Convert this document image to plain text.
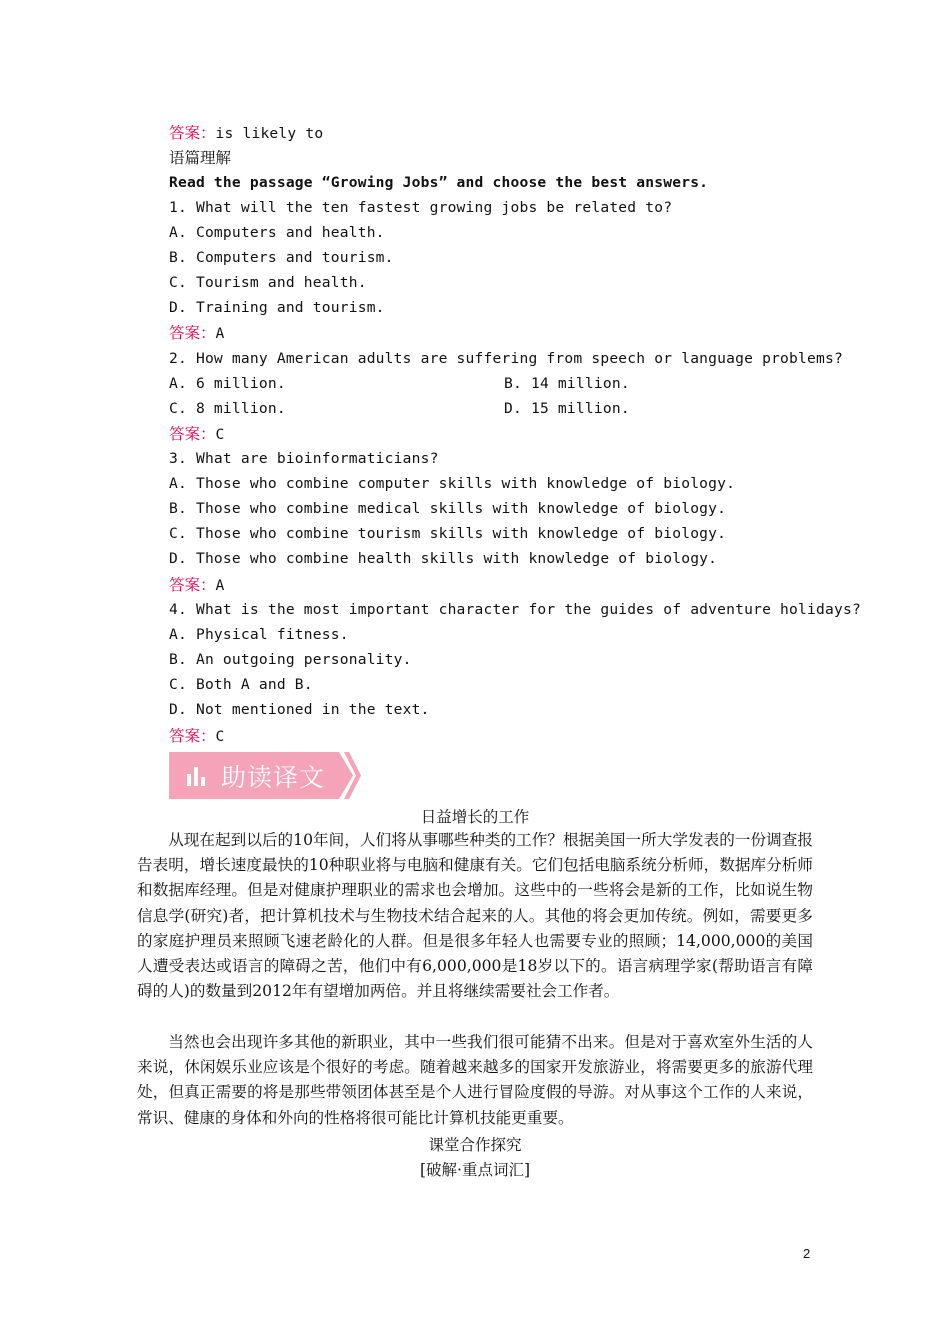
答案：is likely to
语篇理解
Read the passage “Growing Jobs” and choose the best answers.
1. What will the ten fastest growing jobs be related to?
A. Computers and health.
B. Computers and tourism.
C. Tourism and health.
D. Training and tourism.
答案：A
2. How many American adults are suffering from speech or language problems?
A. 6 million.	B. 14 million.
C. 8 million.	D. 15 million.
答案：C
3. What are bioinformaticians?
A. Those who combine computer skills with knowledge of biology.
B. Those who combine medical skills with knowledge of biology.
C. Those who combine tourism skills with knowledge of biology.
D. Those who combine health skills with knowledge of biology.
答案：A
4. What is the most important character for the guides of adventure holidays?
A. Physical fitness.
B. An outgoing personality.
C. Both A and B.
D. Not mentioned in the text.
答案：C
助读译文
日益增长的工作
从现在起到以后的10年间，人们将从事哪些种类的工作？根据美国一所大学发表的一份调查报告表明，增长速度最快的10种职业将与电脑和健康有关。它们包括电脑系统分析师，数据库分析师和数据库经理。但是对健康护理职业的需求也会增加。这些中的一些将会是新的工作，比如说生物信息学(研究)者，把计算机技术与生物技术结合起来的人。其他的将会更加传统。例如，需要更多的家庭护理员来照顾飞速老龄化的人群。但是很多年轻人也需要专业的照顾；14,000,000的美国人遭受表达或语言的障碍之苦，他们中有6,000,000是18岁以下的。语言病理学家(帮助语言有障碍的人)的数量到2012年有望增加两倍。并且将继续需要社会工作者。
当然也会出现许多其他的新职业，其中一些我们很可能猜不出来。但是对于喜欢室外生活的人来说，休闲娱乐业应该是个很好的考虑。随着越来越多的国家开发旅游业，将需要更多的旅游代理处，但真正需要的将是那些带领团体甚至是个人进行冒险度假的导游。对从事这个工作的人来说，常识、健康的身体和外向的性格将很可能比计算机技能更重要。
课堂合作探究
[破解·重点词汇]
2
